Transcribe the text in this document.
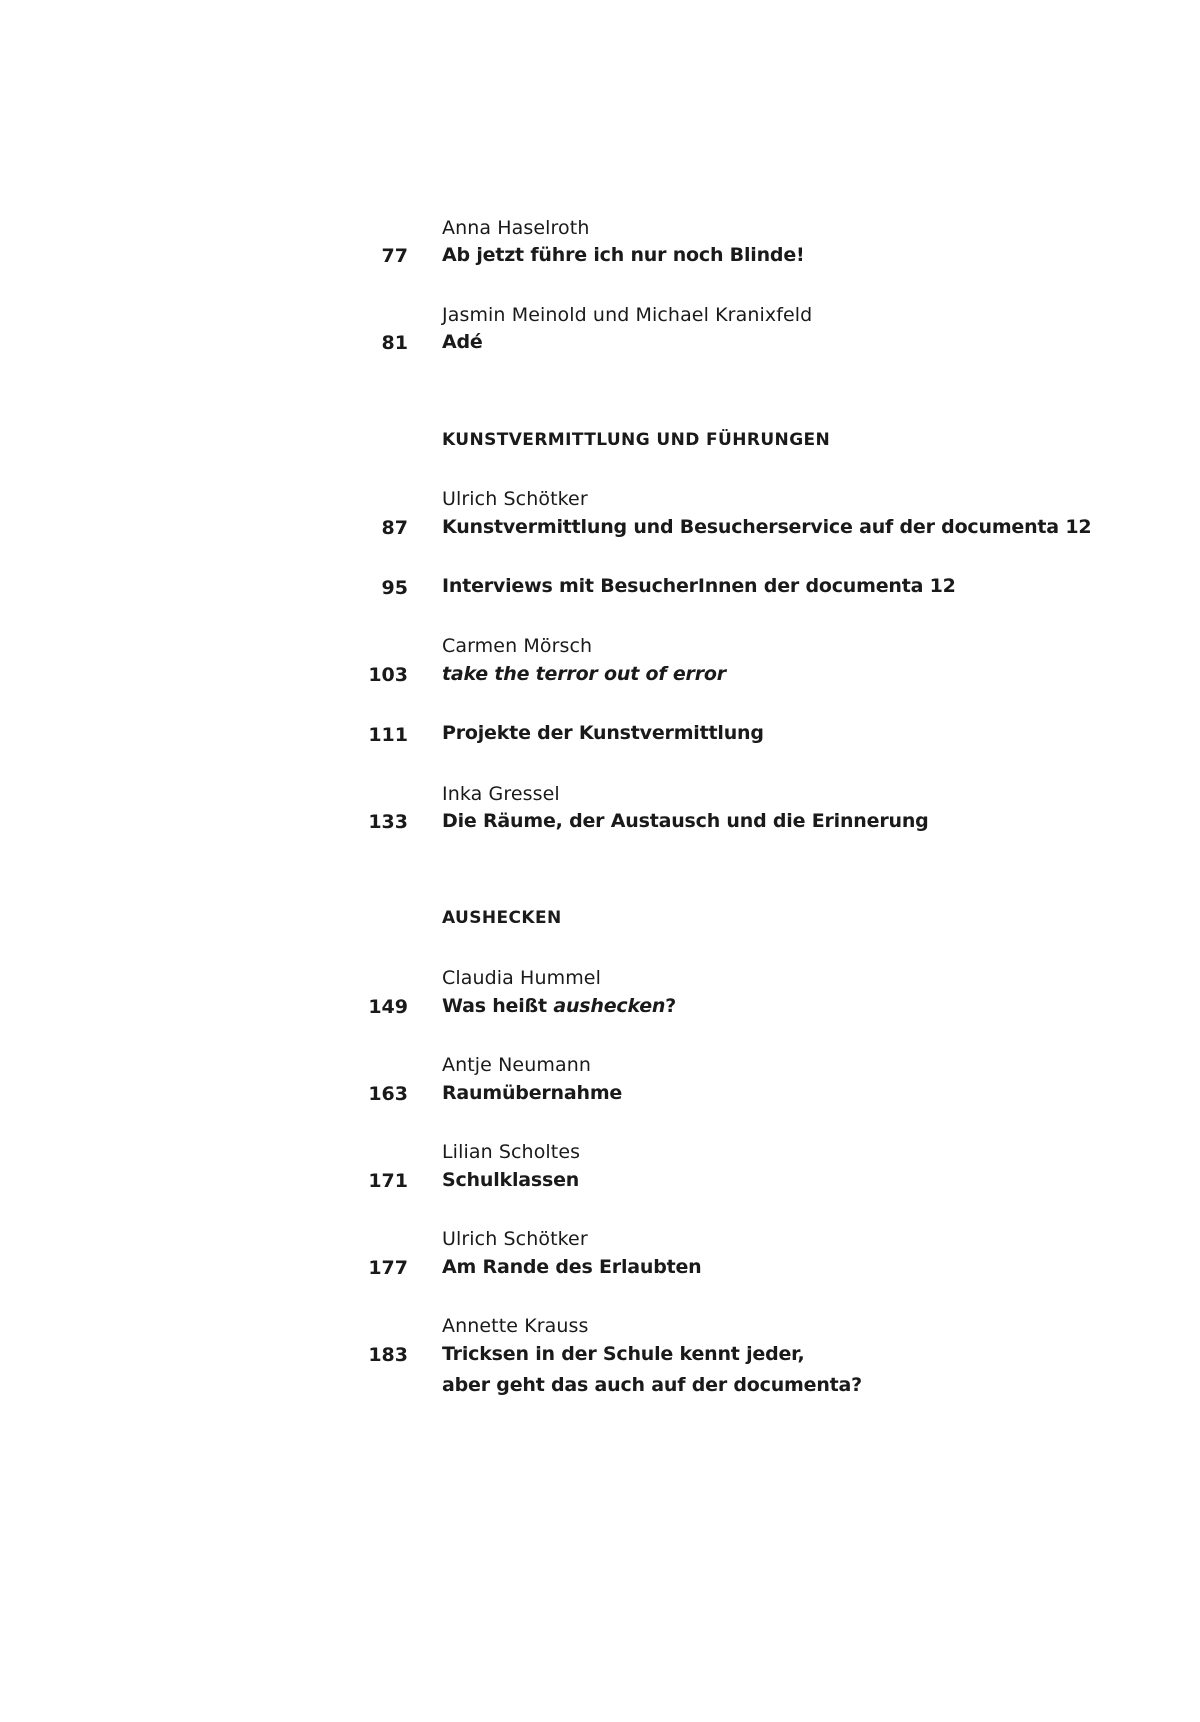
Anna Haselroth
77 Ab jetzt führe ich nur noch Blinde!
Jasmin Meinold und Michael Kranixfeld
81 Adé
KUNSTVERMITTLUNG UND FÜHRUNGEN
Ulrich Schötker
87 Kunstvermittlung und Besucherservice auf der documenta 12
95 Interviews mit BesucherInnen der documenta 12
Carmen Mörsch
103 take the terror out of error
111 Projekte der Kunstvermittlung
Inka Gressel
133 Die Räume, der Austausch und die Erinnerung
AUSHECKEN
Claudia Hummel
149 Was heißt aushecken?
Antje Neumann
163 Raumübernahme
Lilian Scholtes
171 Schulklassen
Ulrich Schötker
177 Am Rande des Erlaubten
Annette Krauss
183 Tricksen in der Schule kennt jeder,
aber geht das auch auf der documenta?
